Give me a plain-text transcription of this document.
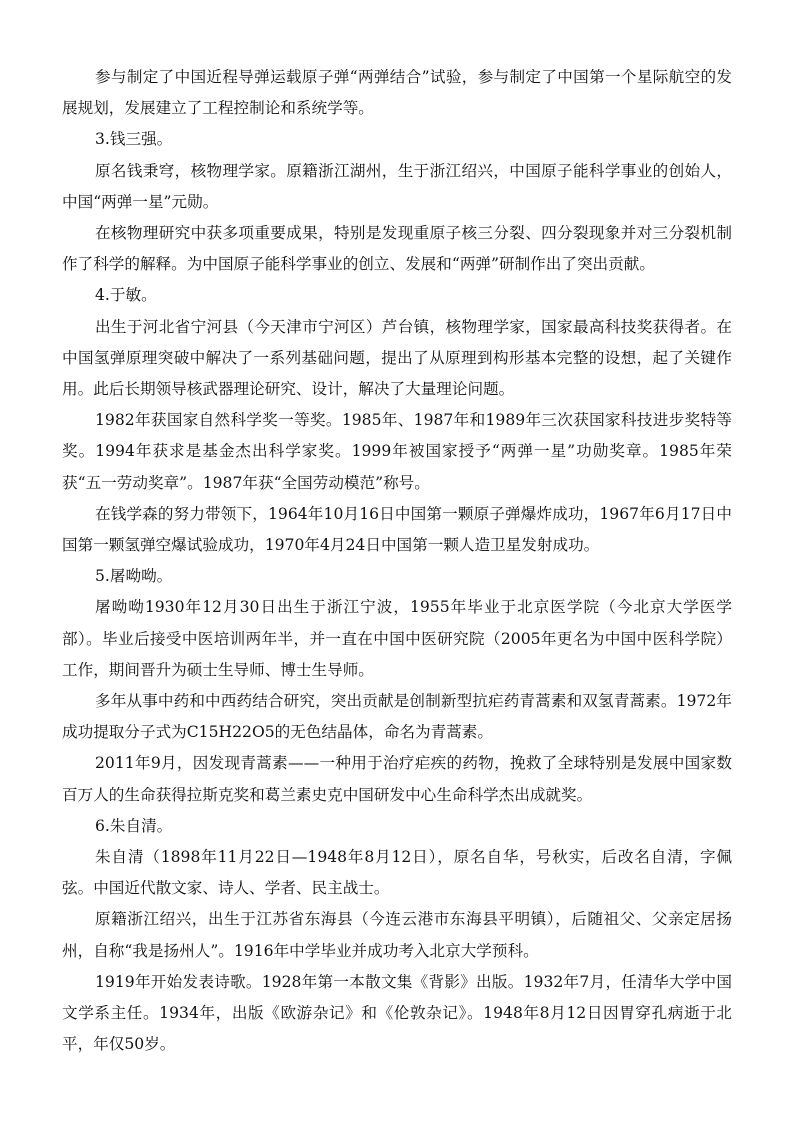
参与制定了中国近程导弹运载原子弹“两弹结合”试验，参与制定了中国第一个星际航空的发展规划，发展建立了工程控制论和系统学等。

3.钱三强。

原名钱秉穹，核物理学家。原籍浙江湖州，生于浙江绍兴，中国原子能科学事业的创始人，中国“两弹一星”元勋。

在核物理研究中获多项重要成果，特别是发现重原子核三分裂、四分裂现象并对三分裂机制作了科学的解释。为中国原子能科学事业的创立、发展和“两弹”研制作出了突出贡献。

4.于敏。

出生于河北省宁河县（今天津市宁河区）芦台镇，核物理学家，国家最高科技奖获得者。在中国氢弹原理突破中解决了一系列基础问题，提出了从原理到构形基本完整的设想，起了关键作用。此后长期领导核武器理论研究、设计，解决了大量理论问题。

1982年获国家自然科学奖一等奖。1985年、1987年和1989年三次获国家科技进步奖特等奖。1994年获求是基金杰出科学家奖。1999年被国家授予“两弹一星”功勋奖章。1985年荣获“五一劳动奖章”。1987年获“全国劳动模范”称号。

在钱学森的努力带领下，1964年10月16日中国第一颗原子弹爆炸成功，1967年6月17日中国第一颗氢弹空爆试验成功，1970年4月24日中国第一颗人造卫星发射成功。

5.屠呦呦。

屠呦呦1930年12月30日出生于浙江宁波，1955年毕业于北京医学院（今北京大学医学部）。毕业后接受中医培训两年半，并一直在中国中医研究院（2005年更名为中国中医科学院）工作，期间晋升为硕士生导师、博士生导师。

多年从事中药和中西药结合研究，突出贡献是创制新型抗疟药青蒿素和双氢青蒿素。1972年成功提取分子式为C15H22O5的无色结晶体，命名为青蒿素。

2011年9月，因发现青蒿素——一种用于治疗疟疾的药物，挽救了全球特别是发展中国家数百万人的生命获得拉斯克奖和葛兰素史克中国研发中心生命科学杰出成就奖。

6.朱自清。

朱自清（1898年11月22日—1948年8月12日），原名自华，号秋实，后改名自清，字佩弦。中国近代散文家、诗人、学者、民主战士。

原籍浙江绍兴，出生于江苏省东海县（今连云港市东海县平明镇），后随祖父、父亲定居扬州，自称“我是扬州人”。1916年中学毕业并成功考入北京大学预科。

1919年开始发表诗歌。1928年第一本散文集《背影》出版。1932年7月，任清华大学中国文学系主任。1934年，出版《欧游杂记》和《伦敦杂记》。1948年8月12日因胃穿孔病逝于北平，年仅50岁。
